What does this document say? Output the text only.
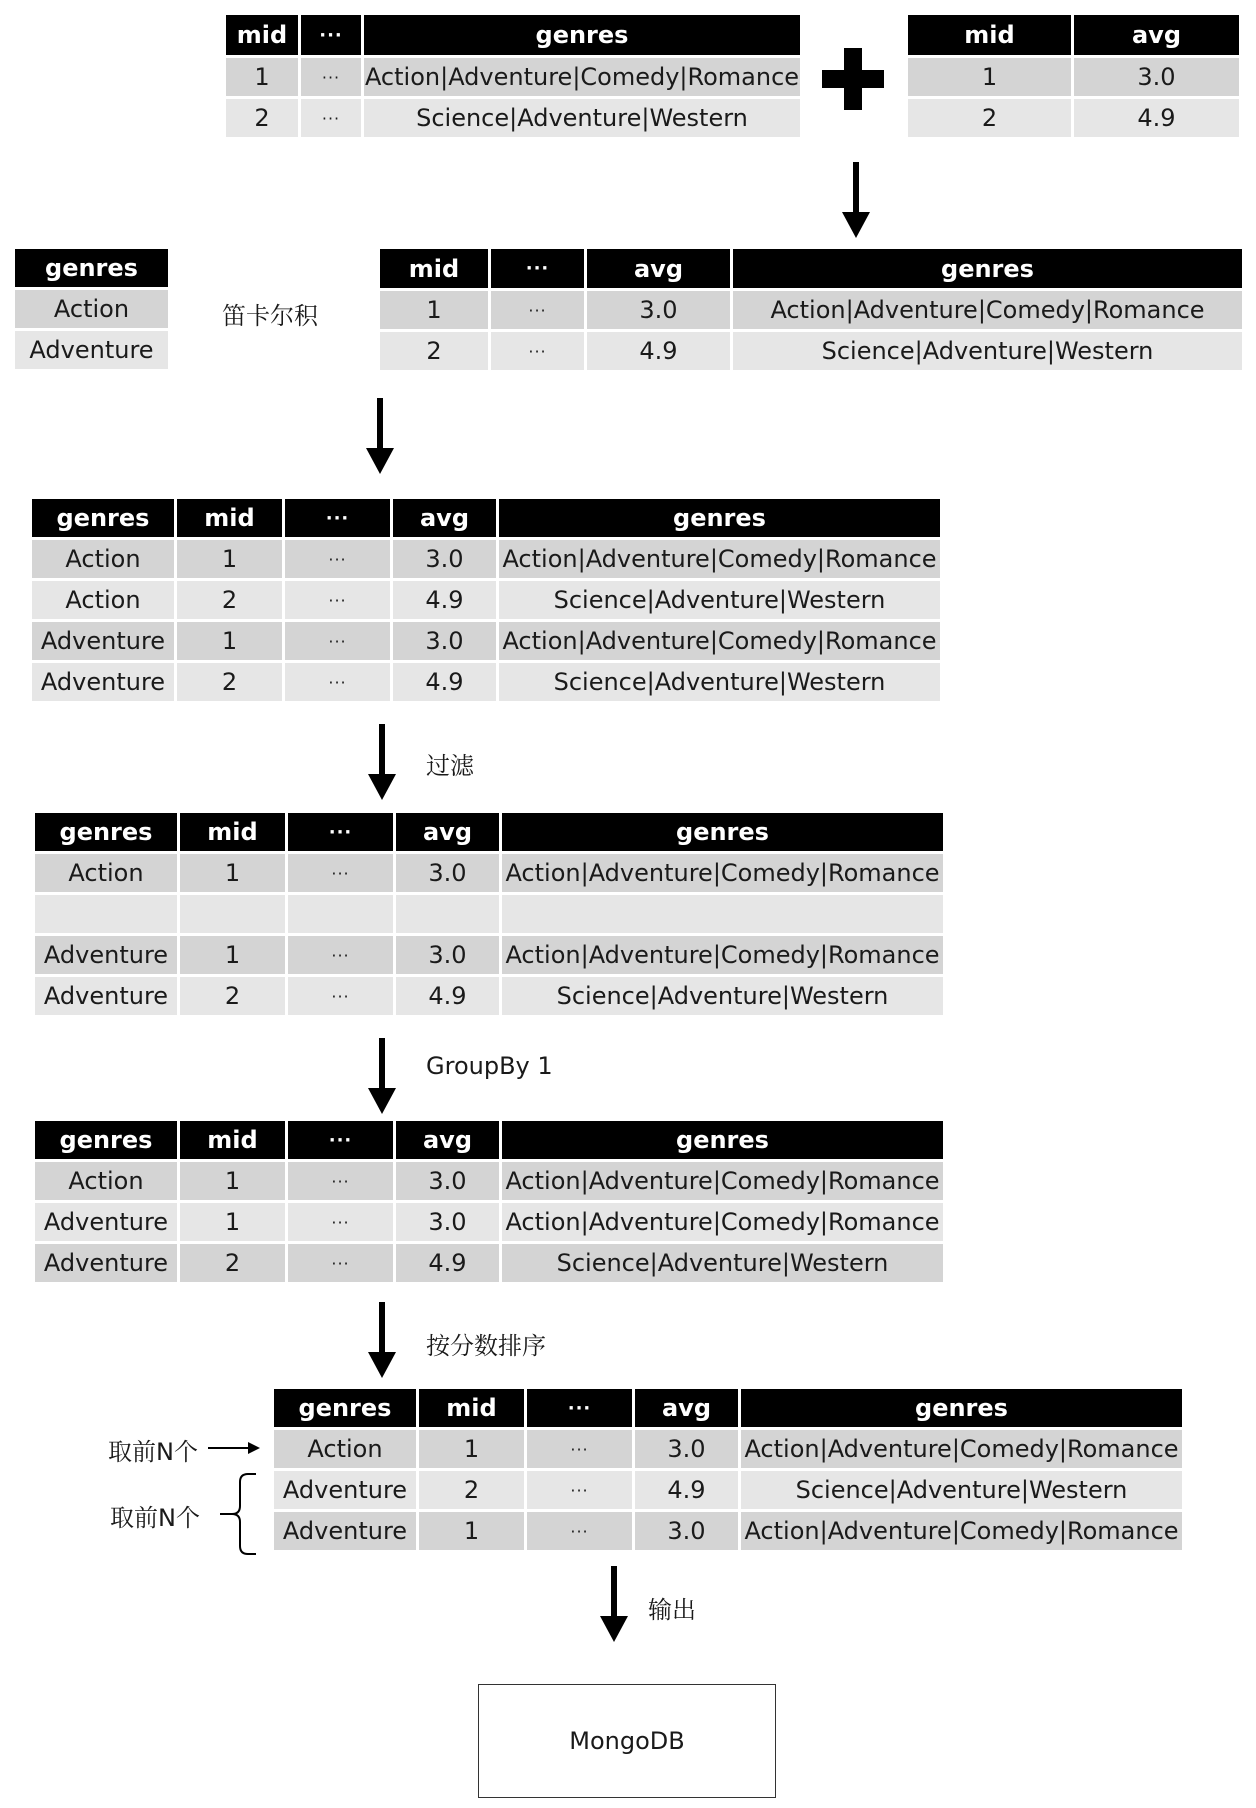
mid	···	genres
1	···	Action|Adventure|Comedy|Romance
2	···	Science|Adventure|Western
mid	avg
1	3.0
2	4.9
genres
Action
Adventure
笛卡尔积
mid	···	avg	genres
1	···	3.0	Action|Adventure|Comedy|Romance
2	···	4.9	Science|Adventure|Western
genres	mid	···	avg	genres
Action	1	···	3.0	Action|Adventure|Comedy|Romance
Action	2	···	4.9	Science|Adventure|Western
Adventure	1	···	3.0	Action|Adventure|Comedy|Romance
Adventure	2	···	4.9	Science|Adventure|Western
过滤
genres	mid	···	avg	genres
Action	1	···	3.0	Action|Adventure|Comedy|Romance
Adventure	1	···	3.0	Action|Adventure|Comedy|Romance
Adventure	2	···	4.9	Science|Adventure|Western
GroupBy 1
genres	mid	···	avg	genres
Action	1	···	3.0	Action|Adventure|Comedy|Romance
Adventure	1	···	3.0	Action|Adventure|Comedy|Romance
Adventure	2	···	4.9	Science|Adventure|Western
按分数排序
genres	mid	···	avg	genres
Action	1	···	3.0	Action|Adventure|Comedy|Romance
Adventure	2	···	4.9	Science|Adventure|Western
Adventure	1	···	3.0	Action|Adventure|Comedy|Romance
取前N个
取前N个
输出
MongoDB
